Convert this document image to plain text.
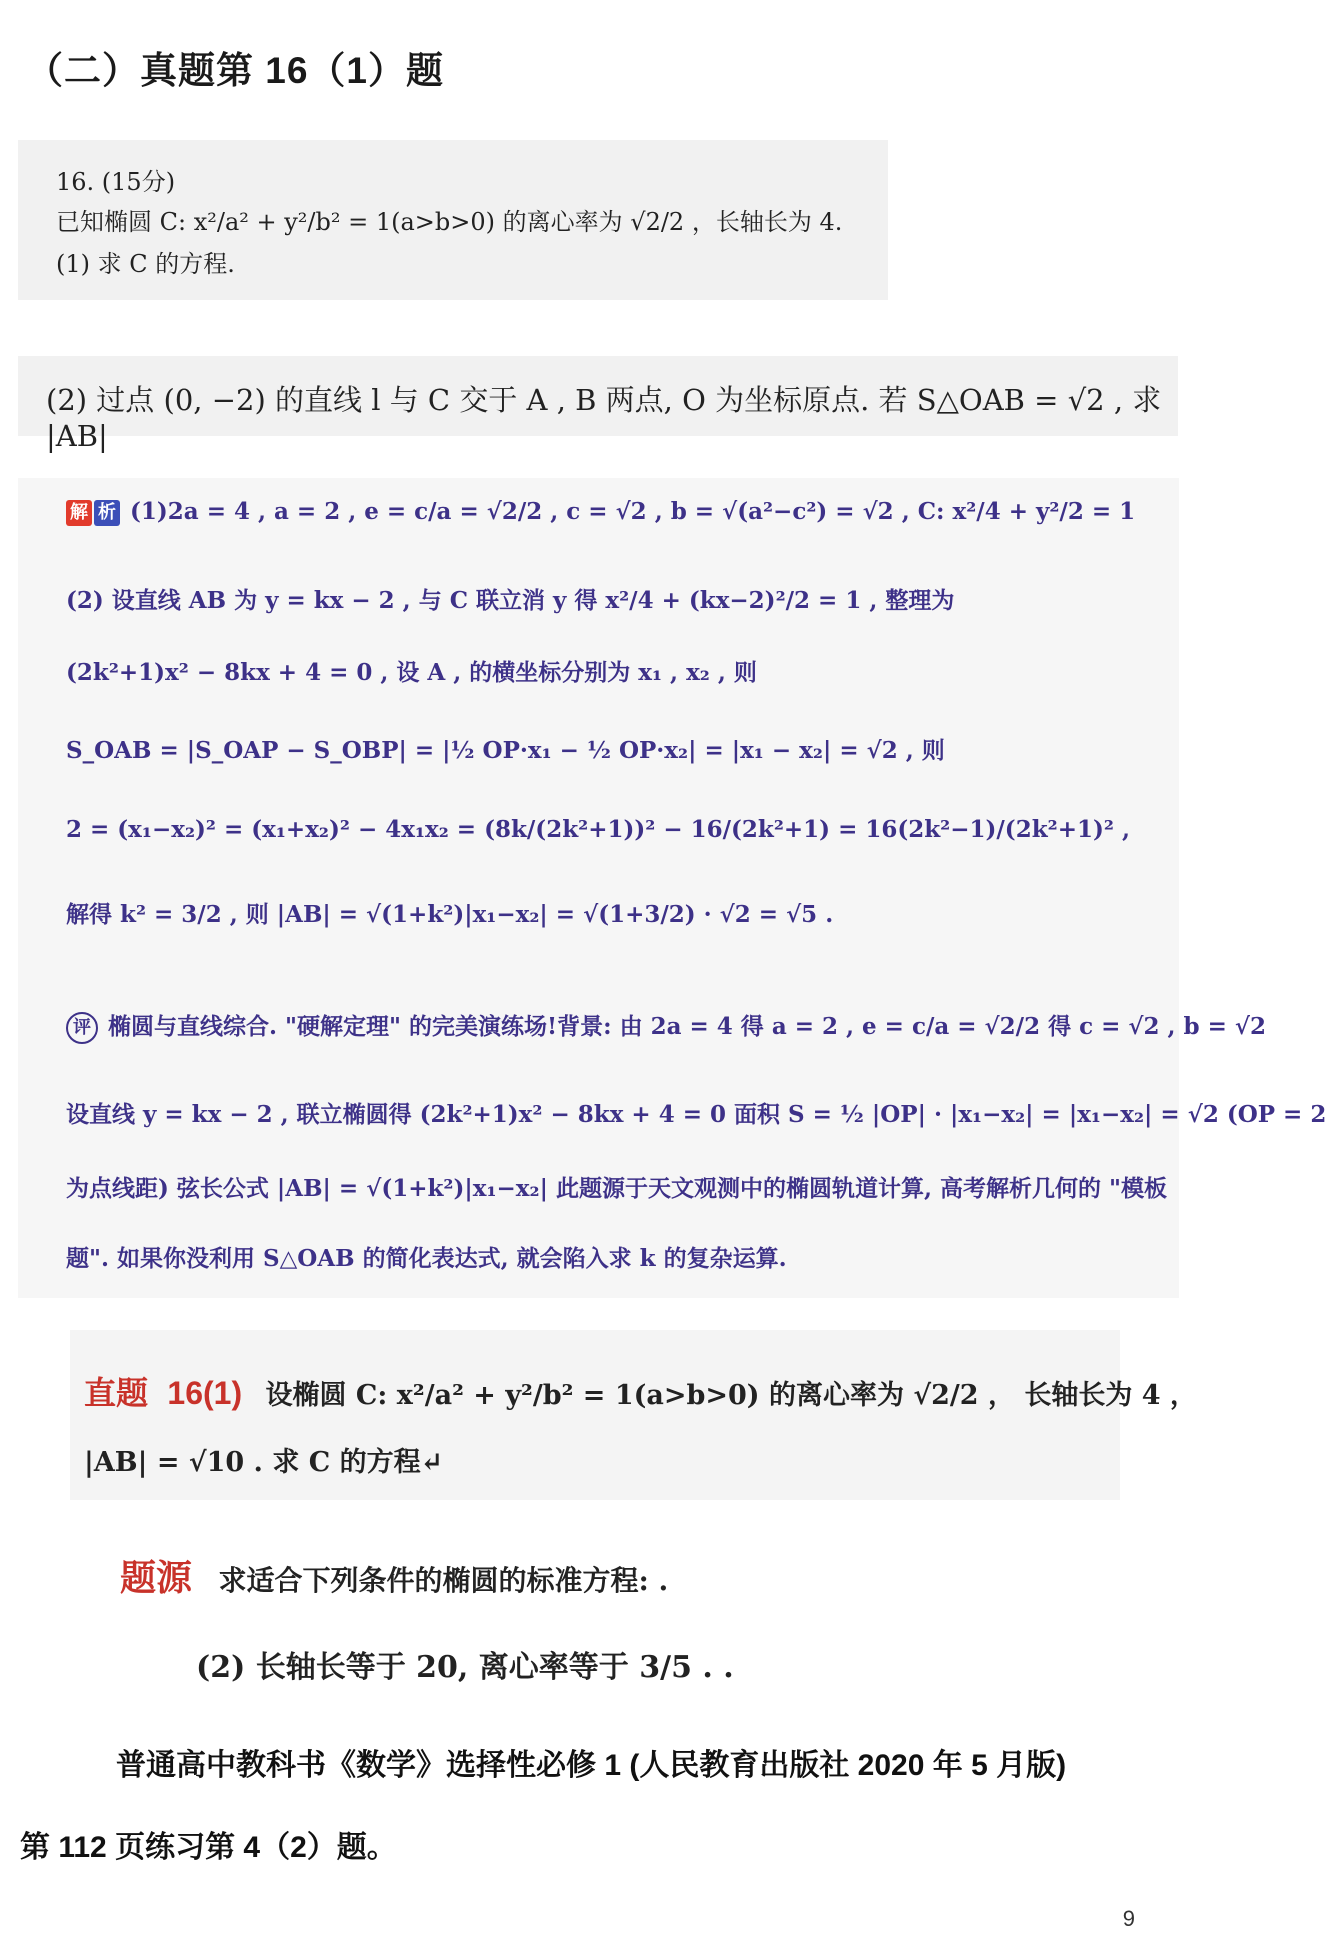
（二）真题第 16（1）题
16. (15分)
已知椭圆 C: x²/a² + y²/b² = 1(a>b>0) 的离心率为 √2/2 ，长轴长为 4.
(1) 求 C 的方程.
(2) 过点 (0, −2) 的直线 l 与 C 交于 A , B 两点, O 为坐标原点. 若 S△OAB = √2 , 求 |AB|
解 析 (1)2a = 4 , a = 2 , e = c/a = √2/2 , c = √2 , b = √(a²−c²) = √2 , C: x²/4 + y²/2 = 1
(2) 设直线 AB 为 y = kx − 2 , 与 C 联立消 y 得 x²/4 + (kx−2)²/2 = 1 , 整理为
(2k²+1)x² − 8kx + 4 = 0 , 设 A , 的横坐标分别为 x₁ , x₂ , 则
S_OAB = |S_OAP − S_OBP| = |½ OP·x₁ − ½ OP·x₂| = |x₁ − x₂| = √2 , 则
2 = (x₁−x₂)² = (x₁+x₂)² − 4x₁x₂ = (8k/(2k²+1))² − 16/(2k²+1) = 16(2k²−1)/(2k²+1)² ,
解得 k² = 3/2 , 则 |AB| = √(1+k²)|x₁−x₂| = √(1+3/2) · √2 = √5 .
评 椭圆与直线综合. "硬解定理" 的完美演练场!背景: 由 2a = 4 得 a = 2 , e = c/a = √2/2 得 c = √2 , b = √2
设直线 y = kx − 2 , 联立椭圆得 (2k²+1)x² − 8kx + 4 = 0 面积 S = ½ |OP| · |x₁−x₂| = |x₁−x₂| = √2 (OP = 2
为点线距) 弦长公式 |AB| = √(1+k²)|x₁−x₂| 此题源于天文观测中的椭圆轨道计算, 高考解析几何的 "模板
题". 如果你没利用 S△OAB 的简化表达式, 就会陷入求 k 的复杂运算.
直题 16(1) 设椭圆 C: x²/a² + y²/b² = 1(a>b>0) 的离心率为 √2/2 ， 长轴长为 4 ，
|AB| = √10 . 求 C 的方程↵
题源 求适合下列条件的椭圆的标准方程: .
(2) 长轴长等于 20, 离心率等于 3/5 . .
普通高中教科书《数学》选择性必修 1 (人民教育出版社 2020 年 5 月版)
第 112 页练习第 4（2）题。
9
